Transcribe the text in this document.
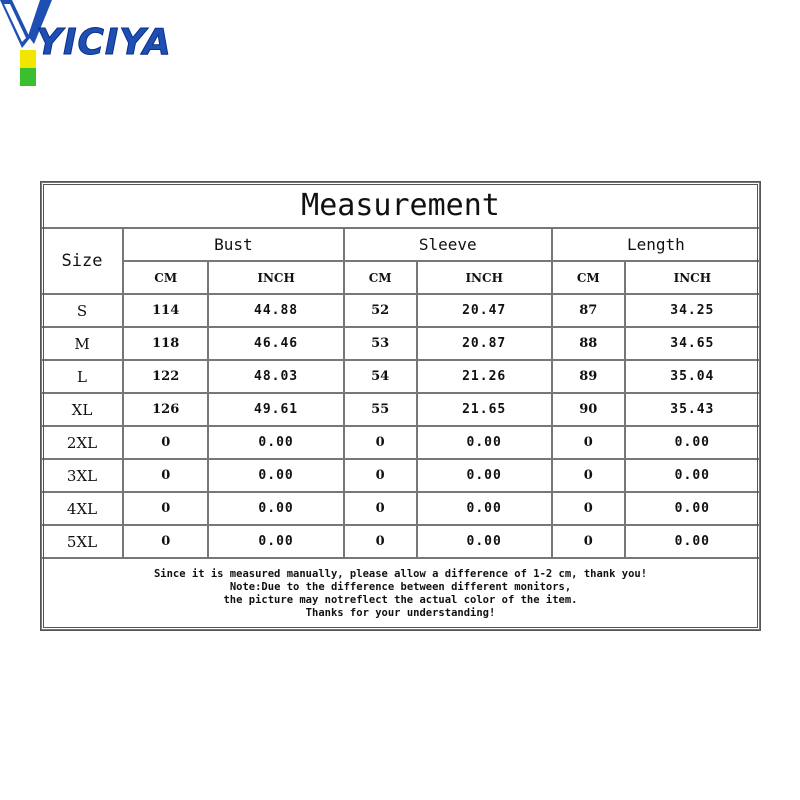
YICIYA
Measurement						
Size	Bust		Sleeve		Length	
	CM	INCH	CM	INCH	CM	INCH
S	114	44.88	52	20.47	87	34.25
M	118	46.46	53	20.87	88	34.65
L	122	48.03	54	21.26	89	35.04
XL	126	49.61	55	21.65	90	35.43
2XL	0	0.00	0	0.00	0	0.00
3XL	0	0.00	0	0.00	0	0.00
4XL	0	0.00	0	0.00	0	0.00
5XL	0	0.00	0	0.00	0	0.00

Since it is measured manually, please allow a difference of 1-2 cm, thank you!
Note:Due to the difference between different monitors,
the picture may notreflect the actual color of the item.
Thanks for your understanding!						
